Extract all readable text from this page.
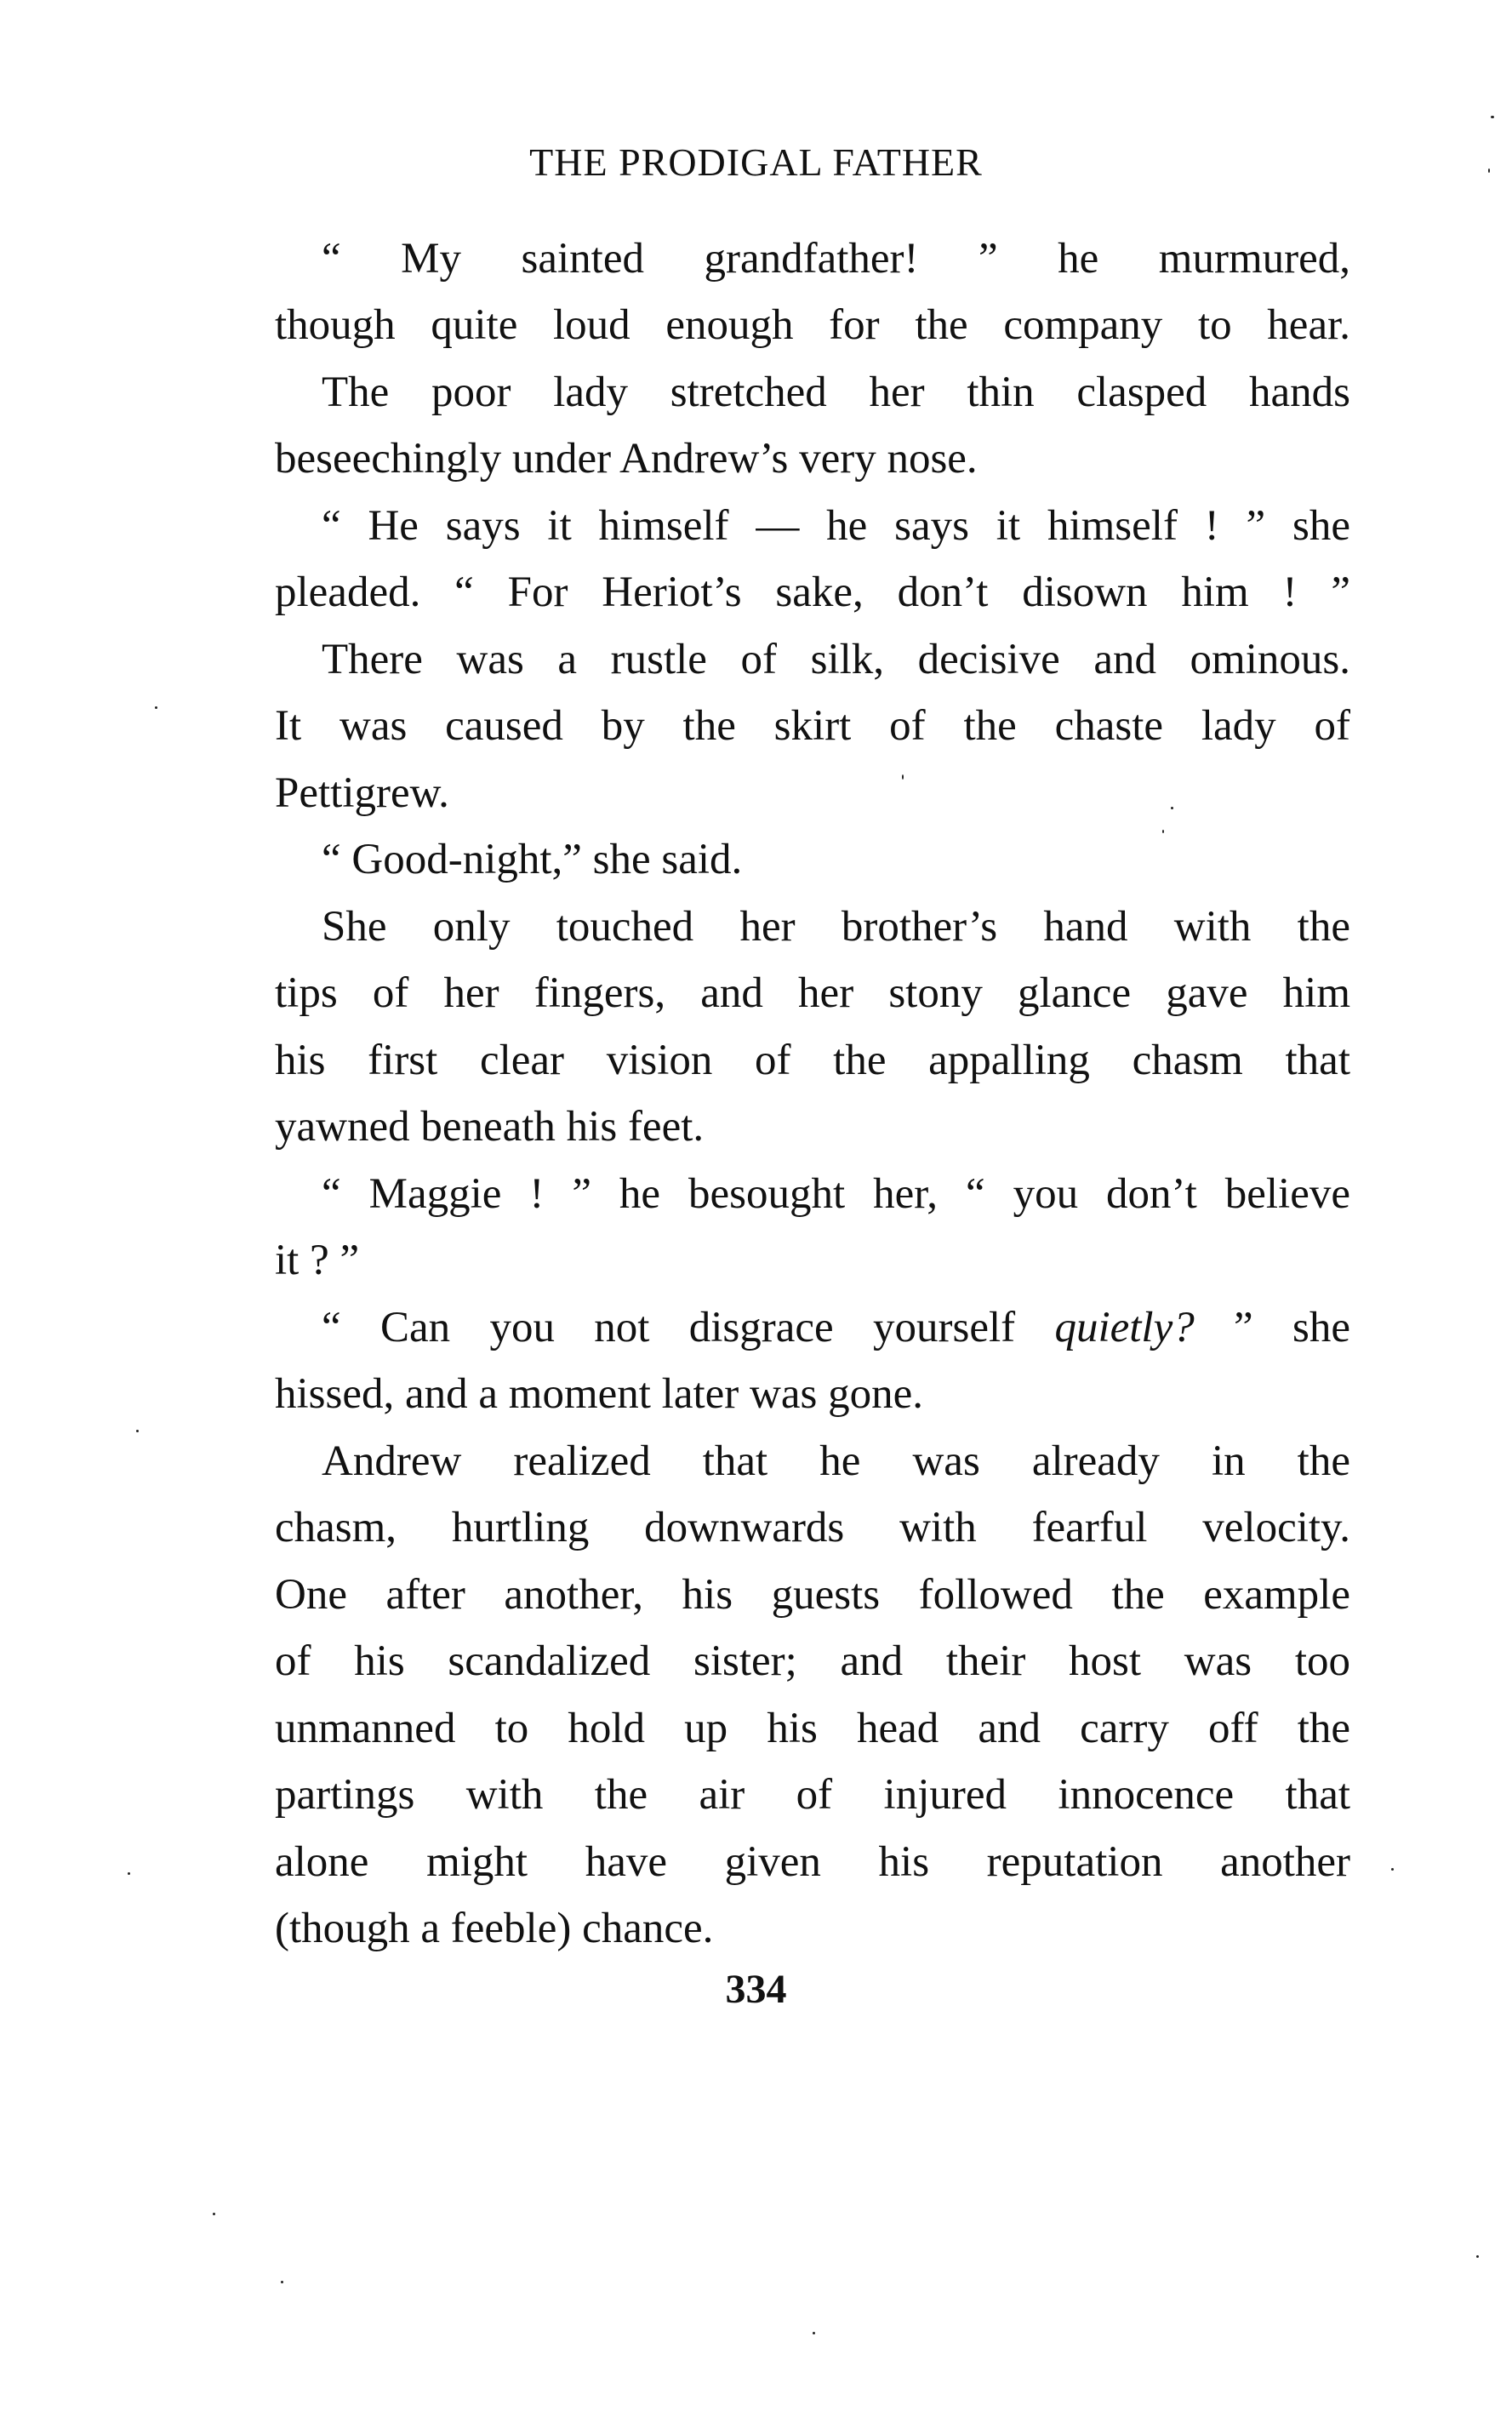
THE PRODIGAL FATHER
“ My sainted grandfather! ” he murmured,
though quite loud enough for the company to hear.
The poor lady stretched her thin clasped hands
beseechingly under Andrew’s very nose.
“ He says it himself — he says it himself ! ” she
pleaded. “ For Heriot’s sake, don’t disown him ! ”
There was a rustle of silk, decisive and ominous.
It was caused by the skirt of the chaste lady of
Pettigrew.
“ Good-night,” she said.
She only touched her brother’s hand with the
tips of her fingers, and her stony glance gave him
his first clear vision of the appalling chasm that
yawned beneath his feet.
“ Maggie ! ” he besought her, “ you don’t believe
it ? ”
“ Can you not disgrace yourself quietly? ” she
hissed, and a moment later was gone.
Andrew realized that he was already in the
chasm, hurtling downwards with fearful velocity.
One after another, his guests followed the example
of his scandalized sister; and their host was too
unmanned to hold up his head and carry off the
partings with the air of injured innocence that
alone might have given his reputation another
(though a feeble) chance.
334
